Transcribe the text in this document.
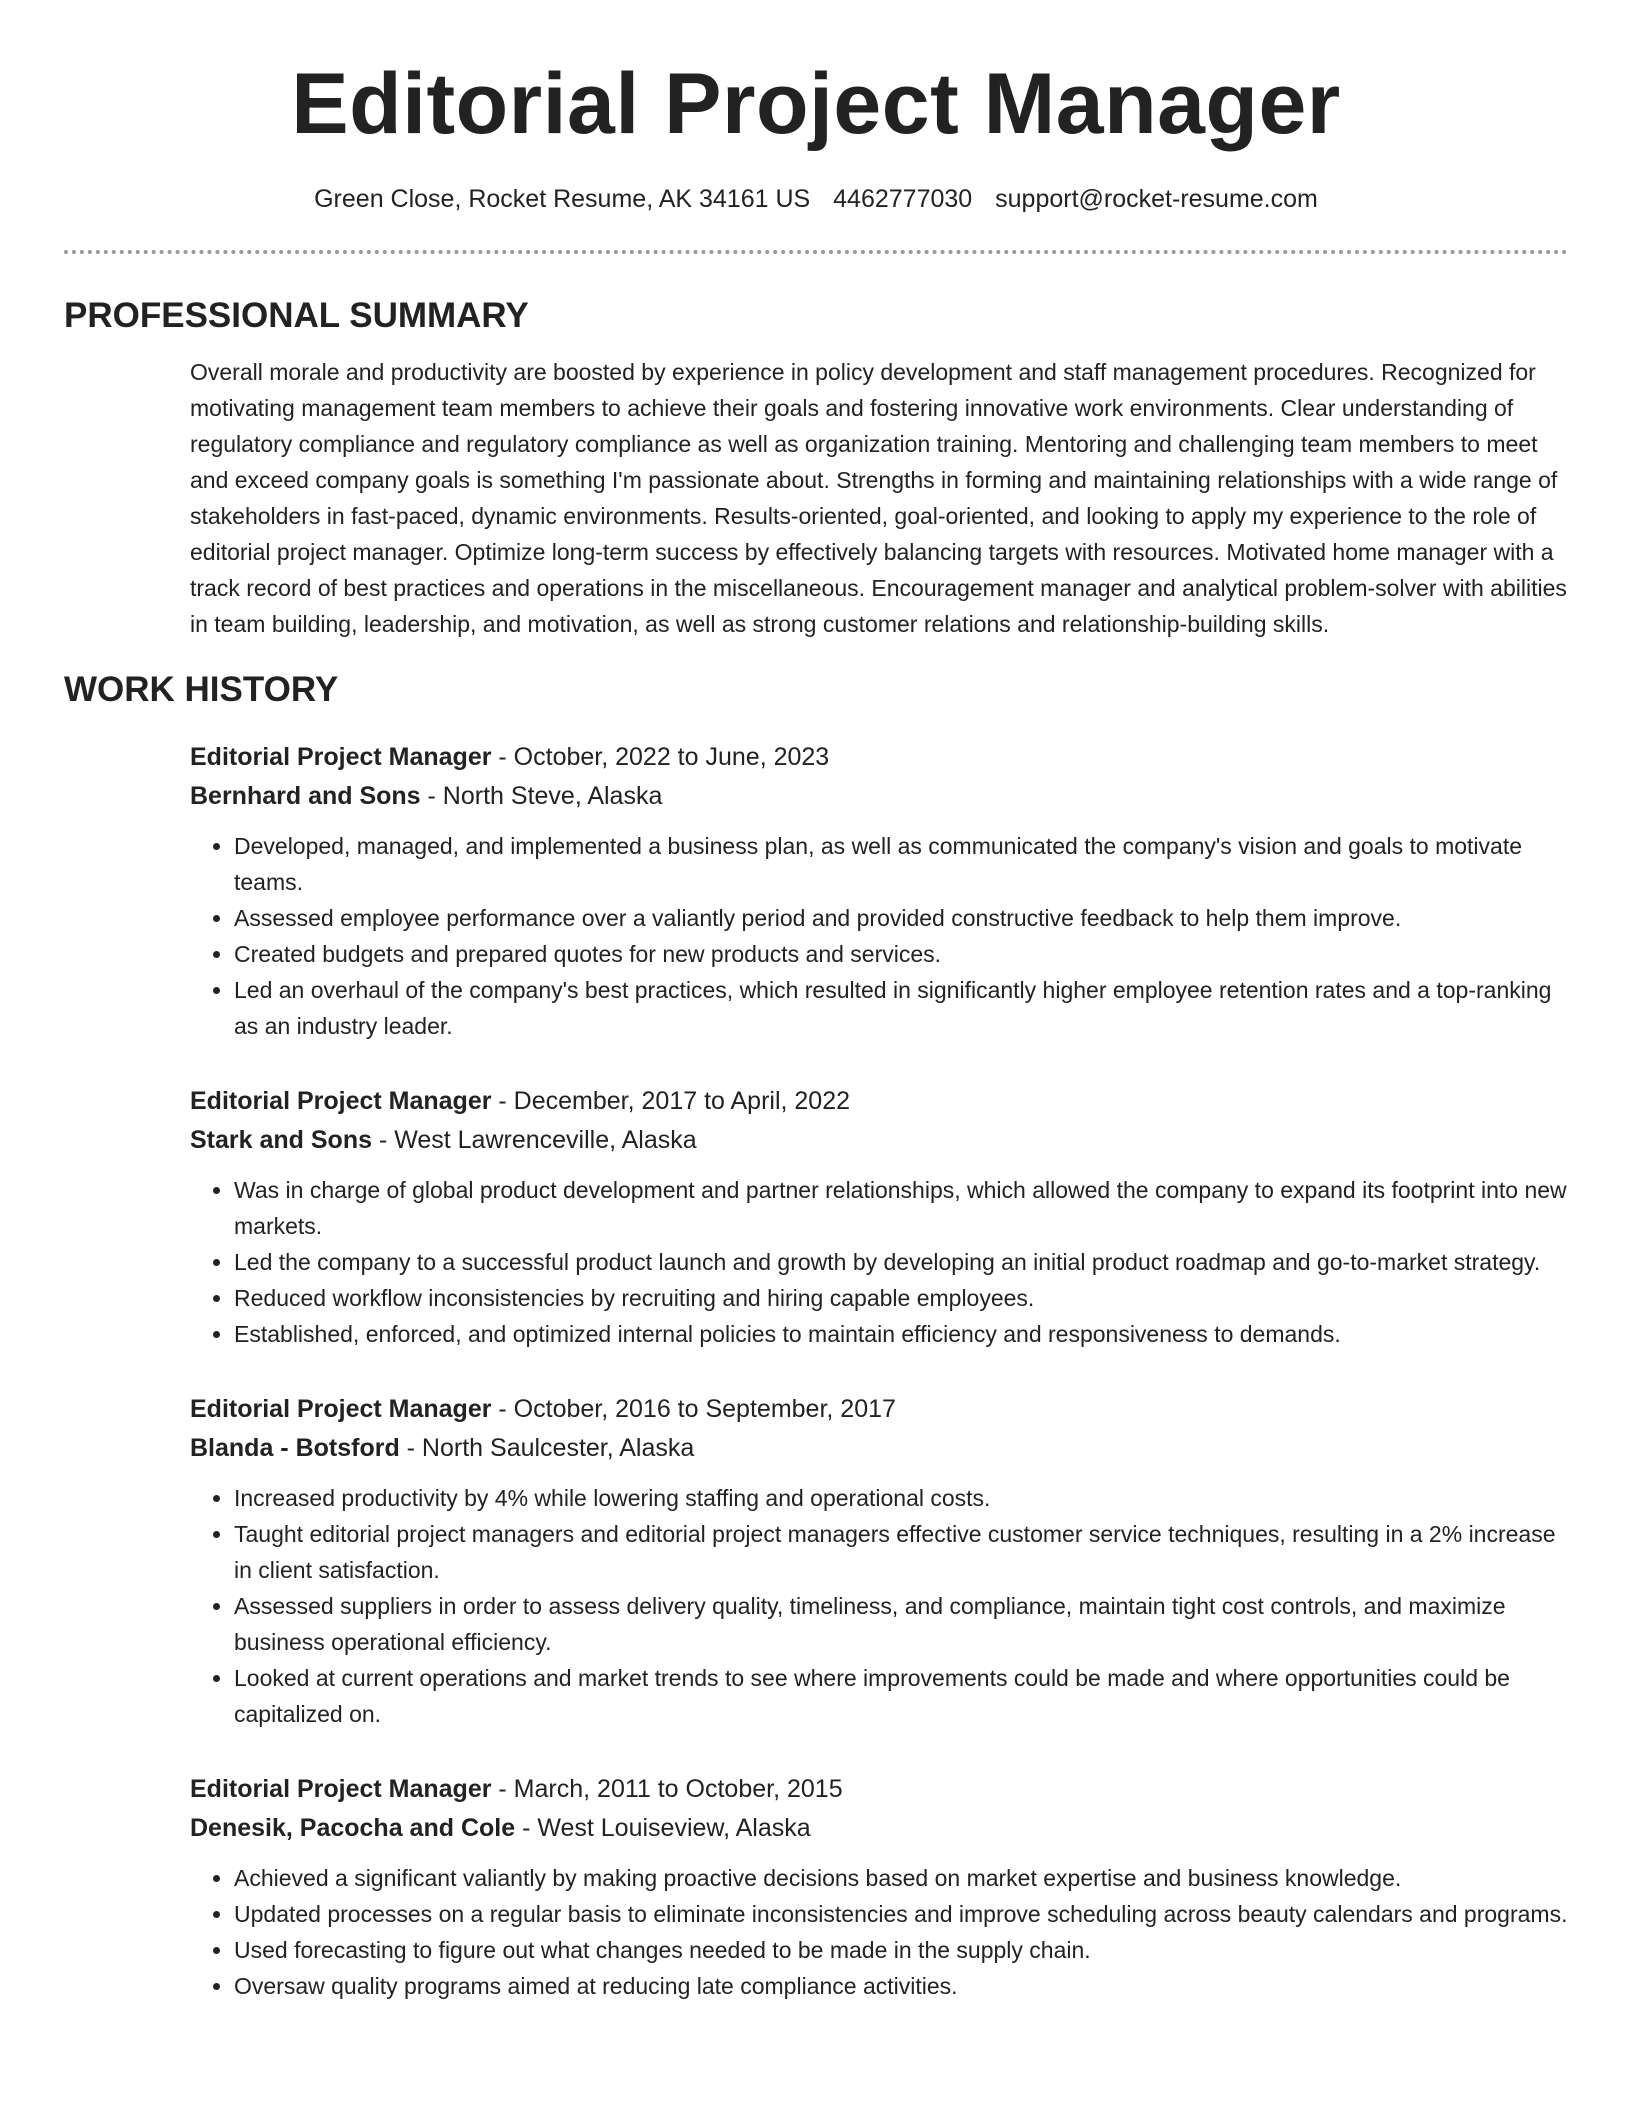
Editorial Project Manager
Green Close, Rocket Resume, AK 34161 US 4462777030 support@rocket-resume.com
PROFESSIONAL SUMMARY

Overall morale and productivity are boosted by experience in policy development and staff management procedures. Recognized for motivating management team members to achieve their goals and fostering innovative work environments. Clear understanding of regulatory compliance and regulatory compliance as well as organization training. Mentoring and challenging team members to meet and exceed company goals is something I'm passionate about. Strengths in forming and maintaining relationships with a wide range of stakeholders in fast-paced, dynamic environments. Results-oriented, goal-oriented, and looking to apply my experience to the role of editorial project manager. Optimize long-term success by effectively balancing targets with resources. Motivated home manager with a track record of best practices and operations in the miscellaneous. Encouragement manager and analytical problem-solver with abilities in team building, leadership, and motivation, as well as strong customer relations and relationship-building skills.

WORK HISTORY
Editorial Project Manager - October, 2022 to June, 2023
Bernhard and Sons - North Steve, Alaska
• Developed, managed, and implemented a business plan, as well as communicated the company's vision and goals to motivate teams.
• Assessed employee performance over a valiantly period and provided constructive feedback to help them improve.
• Created budgets and prepared quotes for new products and services.
• Led an overhaul of the company's best practices, which resulted in significantly higher employee retention rates and a top-ranking as an industry leader.
Editorial Project Manager - December, 2017 to April, 2022
Stark and Sons - West Lawrenceville, Alaska
• Was in charge of global product development and partner relationships, which allowed the company to expand its footprint into new markets.
• Led the company to a successful product launch and growth by developing an initial product roadmap and go-to-market strategy.
• Reduced workflow inconsistencies by recruiting and hiring capable employees.
• Established, enforced, and optimized internal policies to maintain efficiency and responsiveness to demands.
Editorial Project Manager - October, 2016 to September, 2017
Blanda - Botsford - North Saulcester, Alaska
• Increased productivity by 4% while lowering staffing and operational costs.
• Taught editorial project managers and editorial project managers effective customer service techniques, resulting in a 2% increase in client satisfaction.
• Assessed suppliers in order to assess delivery quality, timeliness, and compliance, maintain tight cost controls, and maximize business operational efficiency.
• Looked at current operations and market trends to see where improvements could be made and where opportunities could be capitalized on.
Editorial Project Manager - March, 2011 to October, 2015
Denesik, Pacocha and Cole - West Louiseview, Alaska
• Achieved a significant valiantly by making proactive decisions based on market expertise and business knowledge.
• Updated processes on a regular basis to eliminate inconsistencies and improve scheduling across beauty calendars and programs.
• Used forecasting to figure out what changes needed to be made in the supply chain.
• Oversaw quality programs aimed at reducing late compliance activities.
